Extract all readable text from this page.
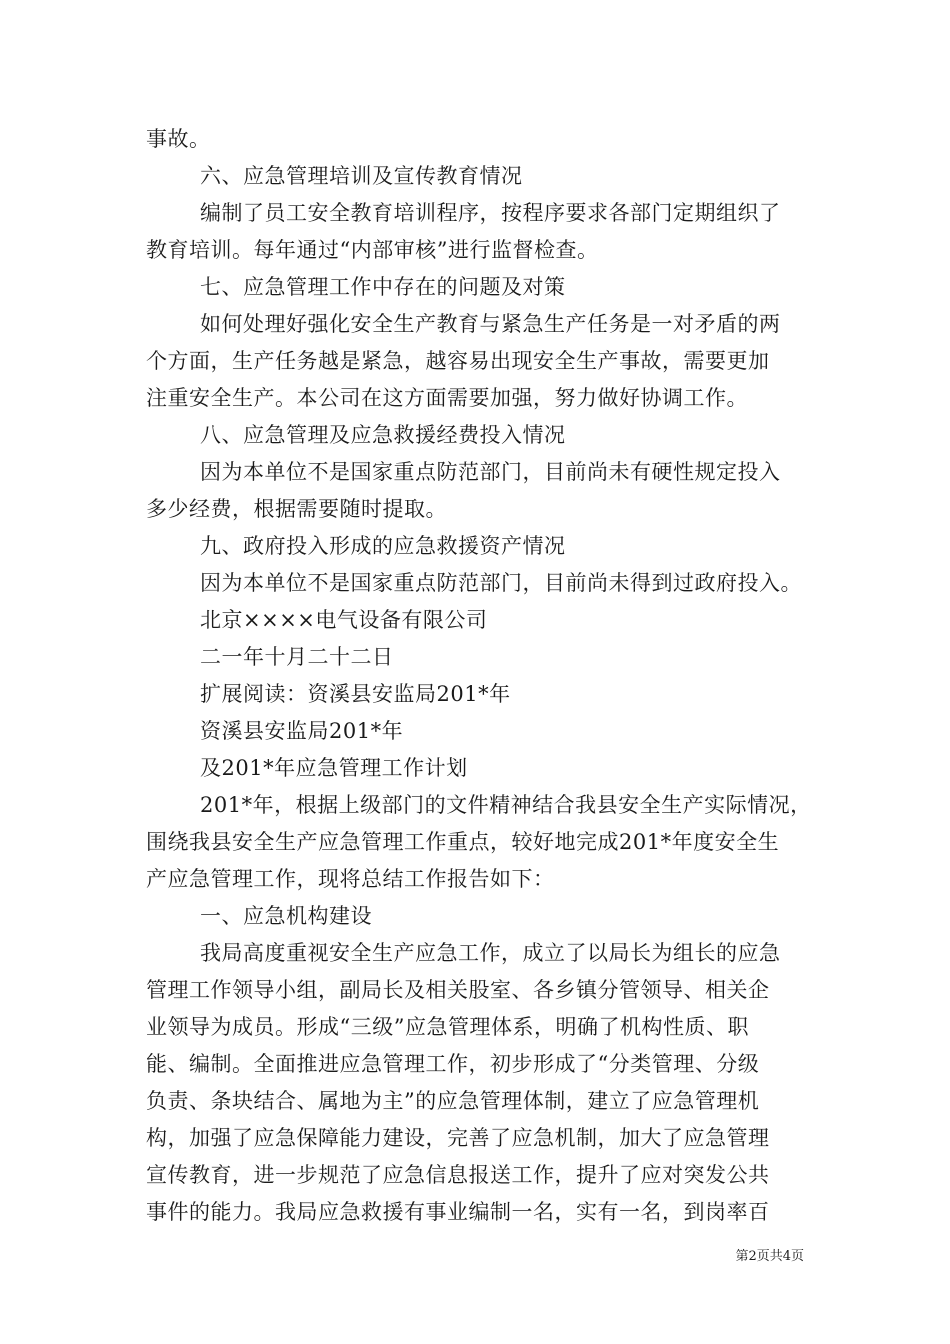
事故。
六、应急管理培训及宣传教育情况
编制了员工安全教育培训程序，按程序要求各部门定期组织了
教育培训。每年通过“内部审核”进行监督检查。
七、应急管理工作中存在的问题及对策
如何处理好强化安全生产教育与紧急生产任务是一对矛盾的两
个方面，生产任务越是紧急，越容易出现安全生产事故，需要更加
注重安全生产。本公司在这方面需要加强，努力做好协调工作。
八、应急管理及应急救援经费投入情况
因为本单位不是国家重点防范部门，目前尚未有硬性规定投入
多少经费，根据需要随时提取。
九、政府投入形成的应急救援资产情况
因为本单位不是国家重点防范部门，目前尚未得到过政府投入。
北京××××电气设备有限公司
二一年十月二十二日
扩展阅读：资溪县安监局201*年
资溪县安监局201*年
及201*年应急管理工作计划
201*年，根据上级部门的文件精神结合我县安全生产实际情况，
围绕我县安全生产应急管理工作重点，较好地完成201*年度安全生
产应急管理工作，现将总结工作报告如下：
一、应急机构建设
我局高度重视安全生产应急工作，成立了以局长为组长的应急
管理工作领导小组，副局长及相关股室、各乡镇分管领导、相关企
业领导为成员。形成“三级”应急管理体系，明确了机构性质、职
能、编制。全面推进应急管理工作，初步形成了“分类管理、分级
负责、条块结合、属地为主”的应急管理体制，建立了应急管理机
构，加强了应急保障能力建设，完善了应急机制，加大了应急管理
宣传教育，进一步规范了应急信息报送工作，提升了应对突发公共
事件的能力。我局应急救援有事业编制一名，实有一名，到岗率百
第2页共4页
